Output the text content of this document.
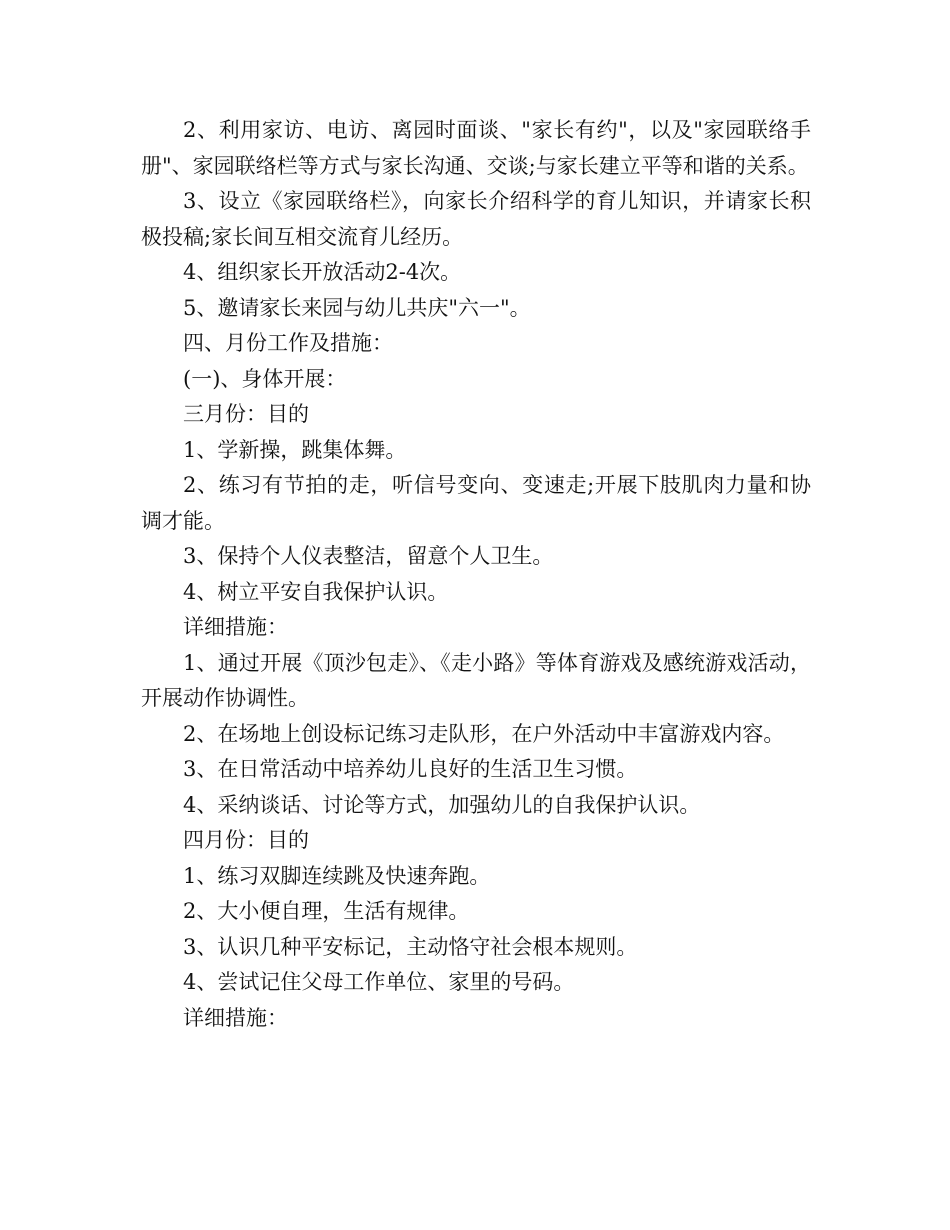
2、利用家访、电访、离园时面谈、"家长有约"，以及"家园联络手册"、家园联络栏等方式与家长沟通、交谈;与家长建立平等和谐的关系。

3、设立《家园联络栏》，向家长介绍科学的育儿知识，并请家长积极投稿;家长间互相交流育儿经历。

4、组织家长开放活动2-4次。

5、邀请家长来园与幼儿共庆"六一"。

四、月份工作及措施：

(一)、身体开展：

三月份：目的

1、学新操，跳集体舞。

2、练习有节拍的走，听信号变向、变速走;开展下肢肌肉力量和协调才能。

3、保持个人仪表整洁，留意个人卫生。

4、树立平安自我保护认识。

详细措施：

1、通过开展《顶沙包走》、《走小路》等体育游戏及感统游戏活动，开展动作协调性。

2、在场地上创设标记练习走队形，在户外活动中丰富游戏内容。

3、在日常活动中培养幼儿良好的生活卫生习惯。

4、采纳谈话、讨论等方式，加强幼儿的自我保护认识。

四月份：目的

1、练习双脚连续跳及快速奔跑。

2、大小便自理，生活有规律。

3、认识几种平安标记，主动恪守社会根本规则。

4、尝试记住父母工作单位、家里的号码。

详细措施：
